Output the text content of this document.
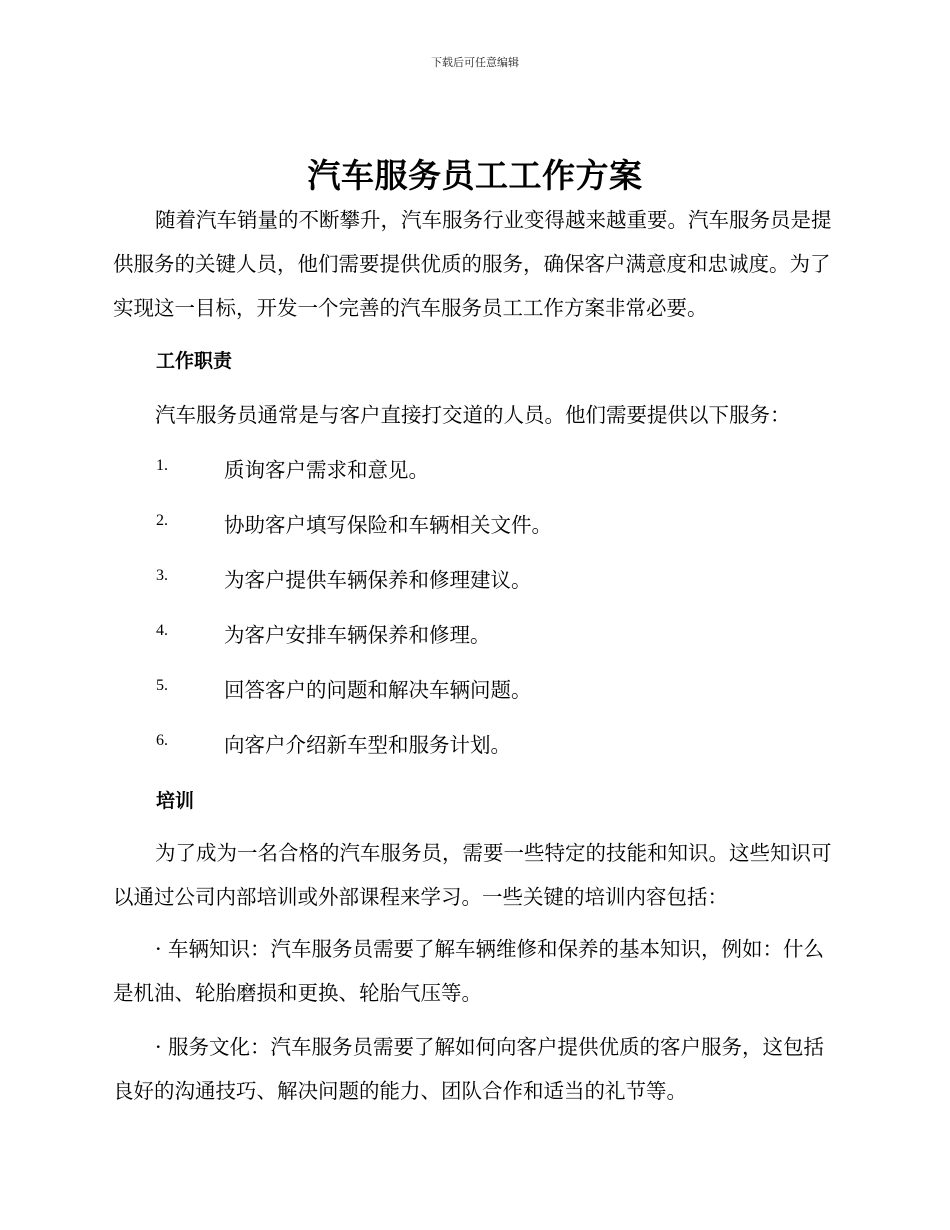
下载后可任意编辑
汽车服务员工工作方案
随着汽车销量的不断攀升，汽车服务行业变得越来越重要。汽车服务员是提供服务的关键人员，他们需要提供优质的服务，确保客户满意度和忠诚度。为了实现这一目标，开发一个完善的汽车服务员工工作方案非常必要。
工作职责
汽车服务员通常是与客户直接打交道的人员。他们需要提供以下服务：
1.	质询客户需求和意见。
2.	协助客户填写保险和车辆相关文件。
3.	为客户提供车辆保养和修理建议。
4.	为客户安排车辆保养和修理。
5.	回答客户的问题和解决车辆问题。
6.	向客户介绍新车型和服务计划。
培训
为了成为一名合格的汽车服务员，需要一些特定的技能和知识。这些知识可以通过公司内部培训或外部课程来学习。一些关键的培训内容包括：
· 车辆知识：汽车服务员需要了解车辆维修和保养的基本知识，例如：什么是机油、轮胎磨损和更换、轮胎气压等。
· 服务文化：汽车服务员需要了解如何向客户提供优质的客户服务，这包括良好的沟通技巧、解决问题的能力、团队合作和适当的礼节等。
